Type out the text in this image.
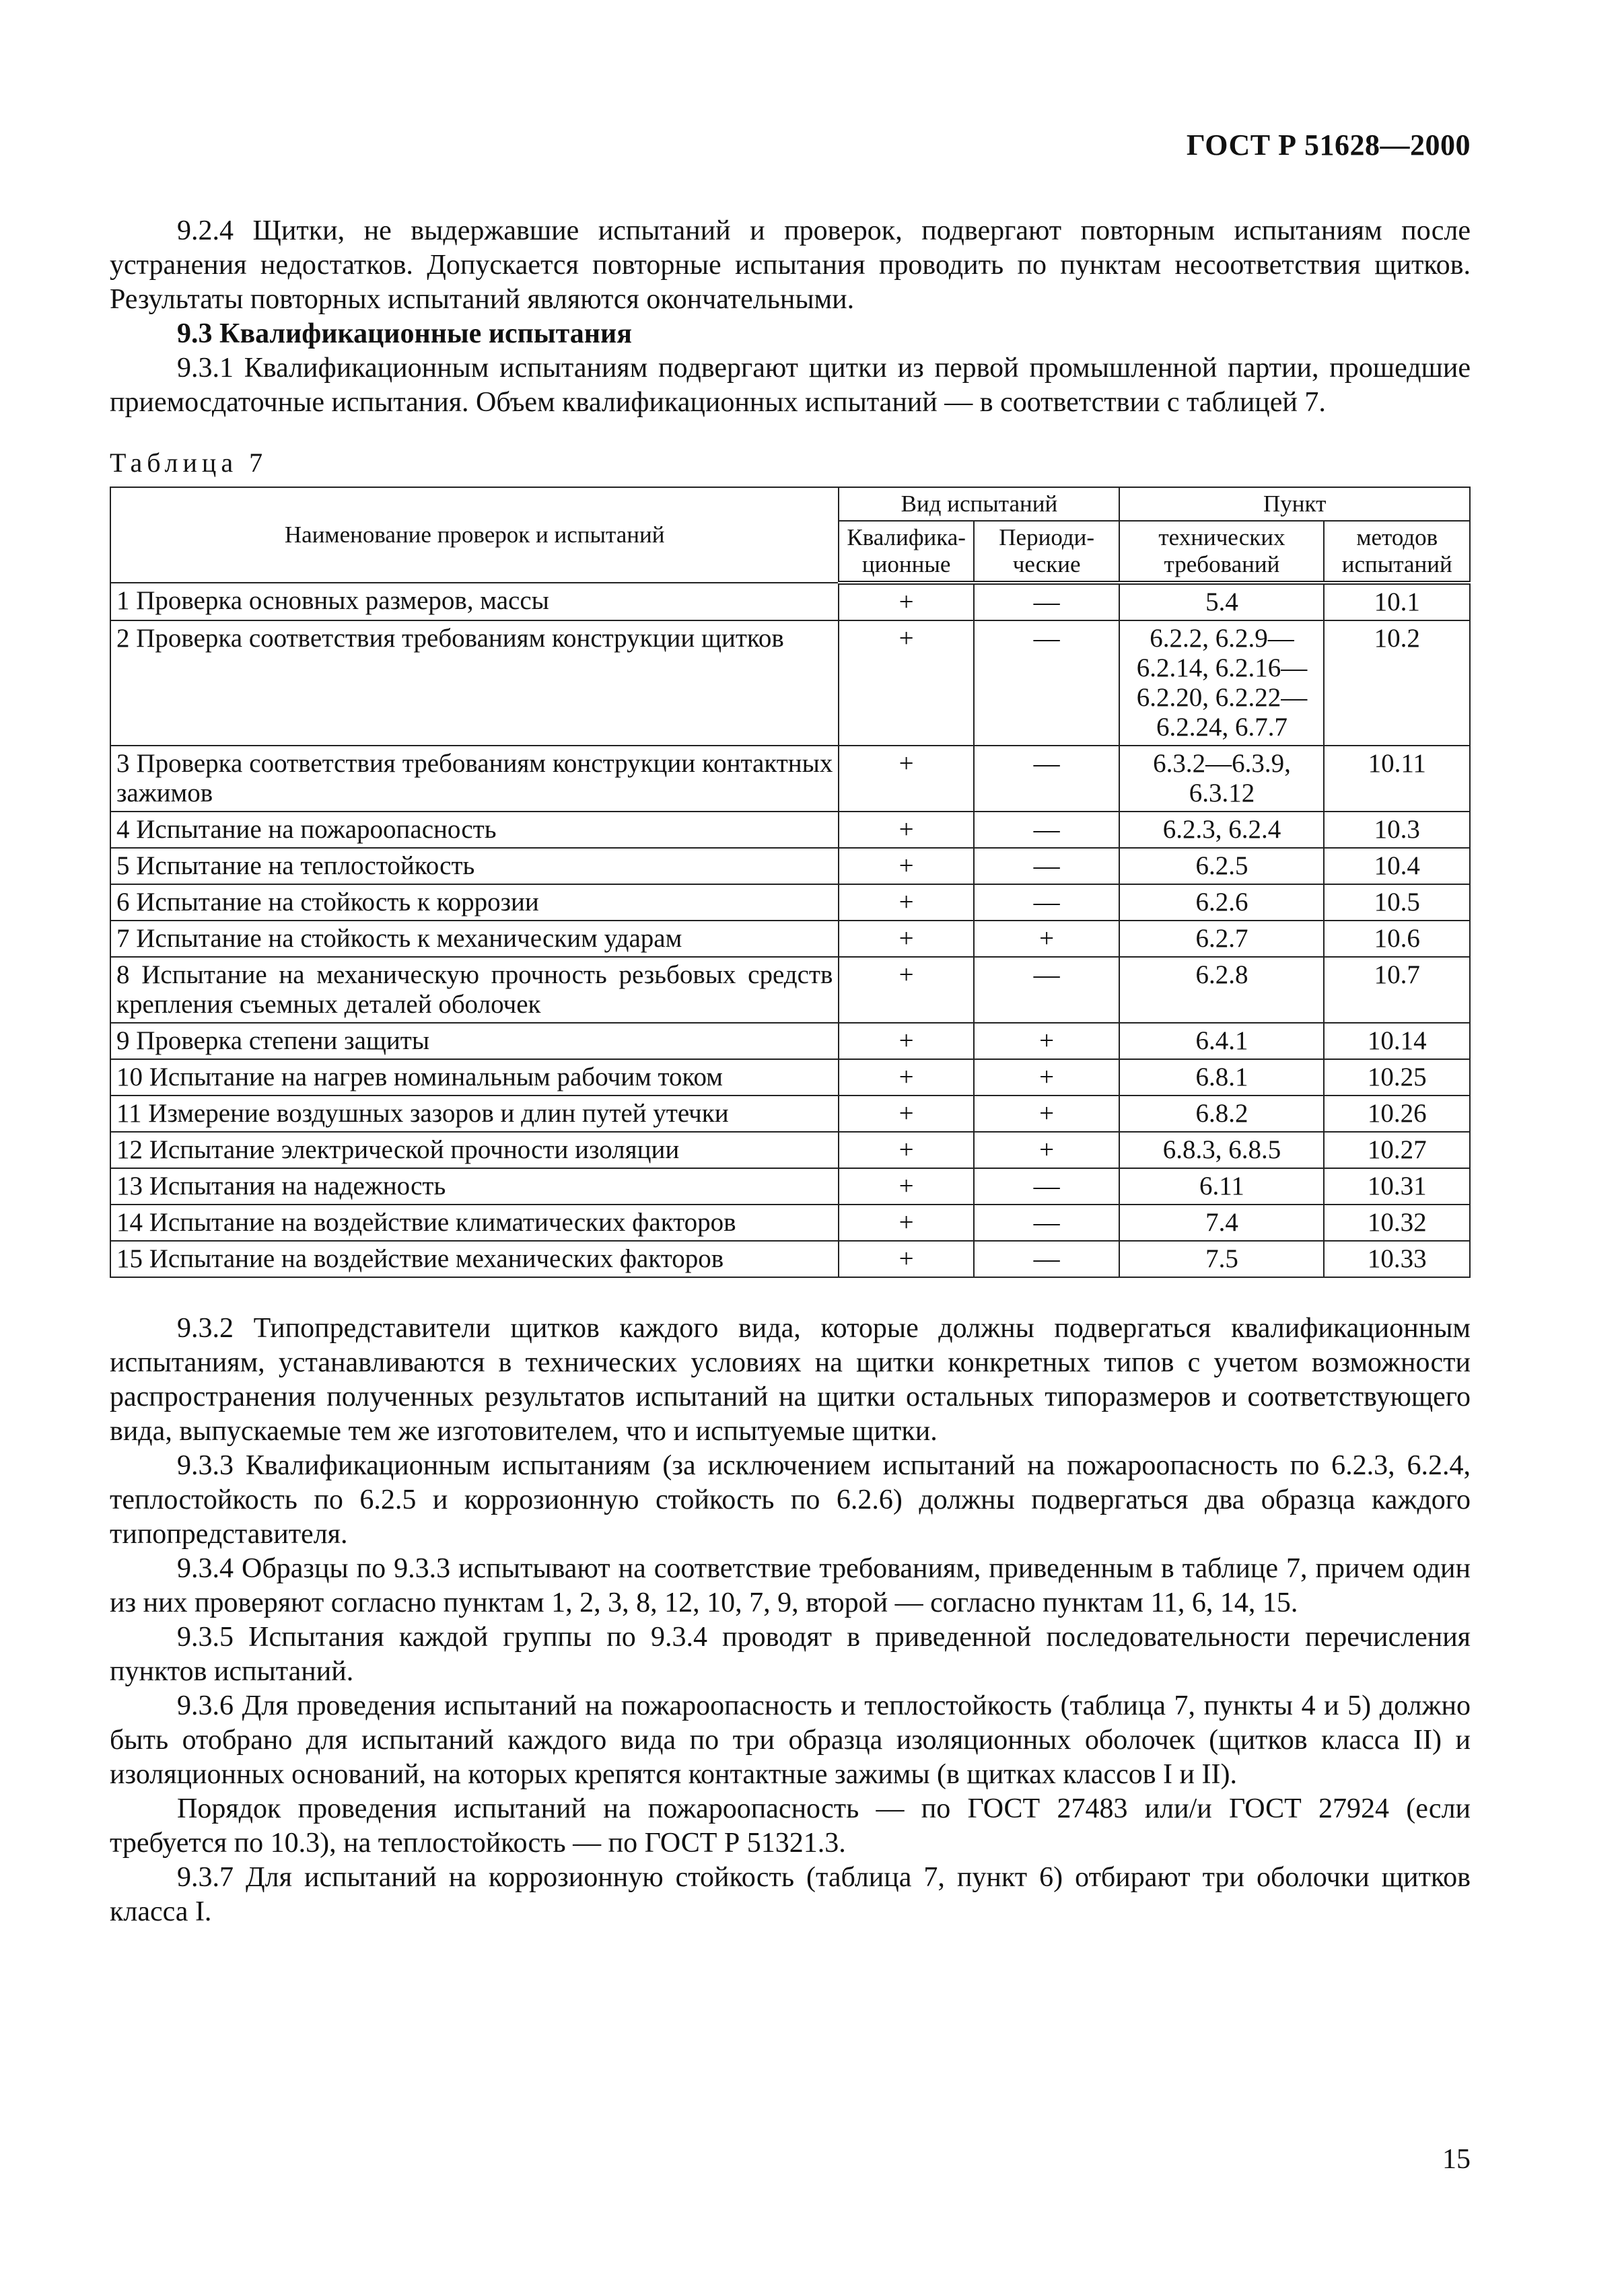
ГОСТ Р 51628—2000

9.2.4 Щитки, не выдержавшие испытаний и проверок, подвергают повторным испытаниям после устранения недостатков. Допускается повторные испытания проводить по пунктам несоответствия щитков. Результаты повторных испытаний являются окончательными.

9.3 Квалификационные испытания

9.3.1 Квалификационным испытаниям подвергают щитки из первой промышленной партии, прошедшие приемосдаточные испытания. Объем квалификационных испытаний — в соответствии с таблицей 7.

Таблица 7
Наименование проверок и испытаний	Вид испытаний		Пункт	
	Квалифика-ционные	Периоди-ческие	технических требований	методов испытаний
1 Проверка основных размеров, массы	+	—	5.4	10.1
2 Проверка соответствия требованиям конструкции щитков	+	—	6.2.2, 6.2.9—6.2.14, 6.2.16—6.2.20, 6.2.22—6.2.24, 6.7.7	10.2
3 Проверка соответствия требованиям конструкции контактных зажимов	+	—	6.3.2—6.3.9, 6.3.12	10.11
4 Испытание на пожароопасность	+	—	6.2.3, 6.2.4	10.3
5 Испытание на теплостойкость	+	—	6.2.5	10.4
6 Испытание на стойкость к коррозии	+	—	6.2.6	10.5
7 Испытание на стойкость к механическим ударам	+	+	6.2.7	10.6
8 Испытание на механическую прочность резьбовых средств крепления съемных деталей оболочек	+	—	6.2.8	10.7
9 Проверка степени защиты	+	+	6.4.1	10.14
10 Испытание на нагрев номинальным рабочим током	+	+	6.8.1	10.25
11 Измерение воздушных зазоров и длин путей утечки	+	+	6.8.2	10.26
12 Испытание электрической прочности изоляции	+	+	6.8.3, 6.8.5	10.27
13 Испытания на надежность	+	—	6.11	10.31
14 Испытание на воздействие климатических факторов	+	—	7.4	10.32
15 Испытание на воздействие механических факторов	+	—	7.5	10.33

9.3.2 Типопредставители щитков каждого вида, которые должны подвергаться квалификационным испытаниям, устанавливаются в технических условиях на щитки конкретных типов с учетом возможности распространения полученных результатов испытаний на щитки остальных типоразмеров и соответствующего вида, выпускаемые тем же изготовителем, что и испытуемые щитки.

9.3.3 Квалификационным испытаниям (за исключением испытаний на пожароопасность по 6.2.3, 6.2.4, теплостойкость по 6.2.5 и коррозионную стойкость по 6.2.6) должны подвергаться два образца каждого типопредставителя.

9.3.4 Образцы по 9.3.3 испытывают на соответствие требованиям, приведенным в таблице 7, причем один из них проверяют согласно пунктам 1, 2, 3, 8, 12, 10, 7, 9, второй — согласно пунктам 11, 6, 14, 15.

9.3.5 Испытания каждой группы по 9.3.4 проводят в приведенной последовательности перечисления пунктов испытаний.

9.3.6 Для проведения испытаний на пожароопасность и теплостойкость (таблица 7, пункты 4 и 5) должно быть отобрано для испытаний каждого вида по три образца изоляционных оболочек (щитков класса II) и изоляционных оснований, на которых крепятся контактные зажимы (в щитках классов I и II).

Порядок проведения испытаний на пожароопасность — по ГОСТ 27483 или/и ГОСТ 27924 (если требуется по 10.3), на теплостойкость — по ГОСТ Р 51321.3.

9.3.7 Для испытаний на коррозионную стойкость (таблица 7, пункт 6) отбирают три оболочки щитков класса I.

15
